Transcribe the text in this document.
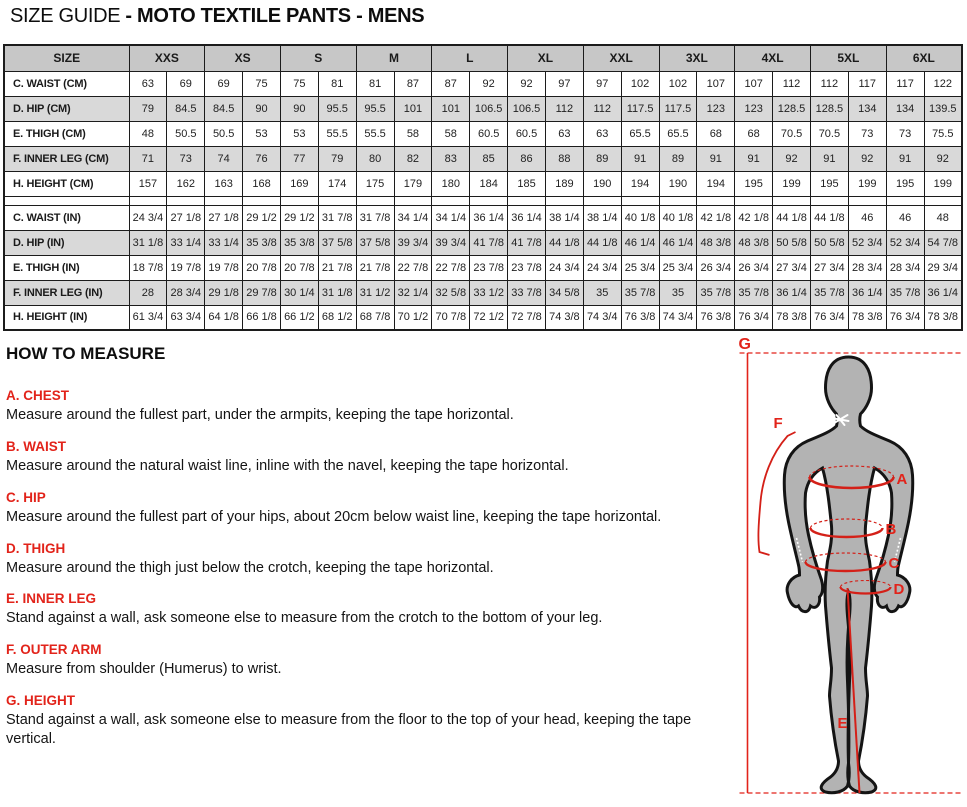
SIZE GUIDE - MOTO TEXTILE PANTS - MENS
SIZE	XXS		XS		S		M		L		XL		XXL		3XL		4XL		5XL		6XL	
C. WAIST (CM)	63	69	69	75	75	81	81	87	87	92	92	97	97	102	102	107	107	112	112	117	117	122
D. HIP (CM)	79	84.5	84.5	90	90	95.5	95.5	101	101	106.5	106.5	112	112	117.5	117.5	123	123	128.5	128.5	134	134	139.5
E. THIGH (CM)	48	50.5	50.5	53	53	55.5	55.5	58	58	60.5	60.5	63	63	65.5	65.5	68	68	70.5	70.5	73	73	75.5
F. INNER LEG (CM)	71	73	74	76	77	79	80	82	83	85	86	88	89	91	89	91	91	92	91	92	91	92
H. HEIGHT (CM)	157	162	163	168	169	174	175	179	180	184	185	189	190	194	190	194	195	199	195	199	195	199

C. WAIST (IN)	24 3/4	27 1/8	27 1/8	29 1/2	29 1/2	31 7/8	31 7/8	34 1/4	34 1/4	36 1/4	36 1/4	38 1/4	38 1/4	40 1/8	40 1/8	42 1/8	42 1/8	44 1/8	44 1/8	46	46	48
D. HIP (IN)	31 1/8	33 1/4	33 1/4	35 3/8	35 3/8	37 5/8	37 5/8	39 3/4	39 3/4	41 7/8	41 7/8	44 1/8	44 1/8	46 1/4	46 1/4	48 3/8	48 3/8	50 5/8	50 5/8	52 3/4	52 3/4	54 7/8
E. THIGH (IN)	18 7/8	19 7/8	19 7/8	20 7/8	20 7/8	21 7/8	21 7/8	22 7/8	22 7/8	23 7/8	23 7/8	24 3/4	24 3/4	25 3/4	25 3/4	26 3/4	26 3/4	27 3/4	27 3/4	28 3/4	28 3/4	29 3/4
F. INNER LEG (IN)	28	28 3/4	29 1/8	29 7/8	30 1/4	31 1/8	31 1/2	32 1/4	32 5/8	33 1/2	33 7/8	34 5/8	35	35 7/8	35	35 7/8	35 7/8	36 1/4	35 7/8	36 1/4	35 7/8	36 1/4
H. HEIGHT (IN)	61 3/4	63 3/4	64 1/8	66 1/8	66 1/2	68 1/2	68 7/8	70 1/2	70 7/8	72 1/2	72 7/8	74 3/8	74 3/4	76 3/8	74 3/4	76 3/8	76 3/4	78 3/8	76 3/4	78 3/8	76 3/4	78 3/8
HOW TO MEASURE
A. CHEST

Measure around the fullest part, under the armpits, keeping the tape horizontal.

B. WAIST

Measure around the natural waist line, inline with the navel, keeping the tape horizontal.

C. HIP

Measure around the fullest part of your hips, about 20cm below waist line, keeping the tape horizontal.

D. THIGH

Measure around the thigh just below the crotch, keeping the tape horizontal.

E. INNER LEG

Stand against a wall, ask someone else to measure from the crotch to the bottom of your leg.

F. OUTER ARM

Measure from shoulder (Humerus) to wrist.

G. HEIGHT

Stand against a wall, ask someone else to measure from the floor to the top of your head, keeping the tape vertical.

G
F
A
B
C
D
E
